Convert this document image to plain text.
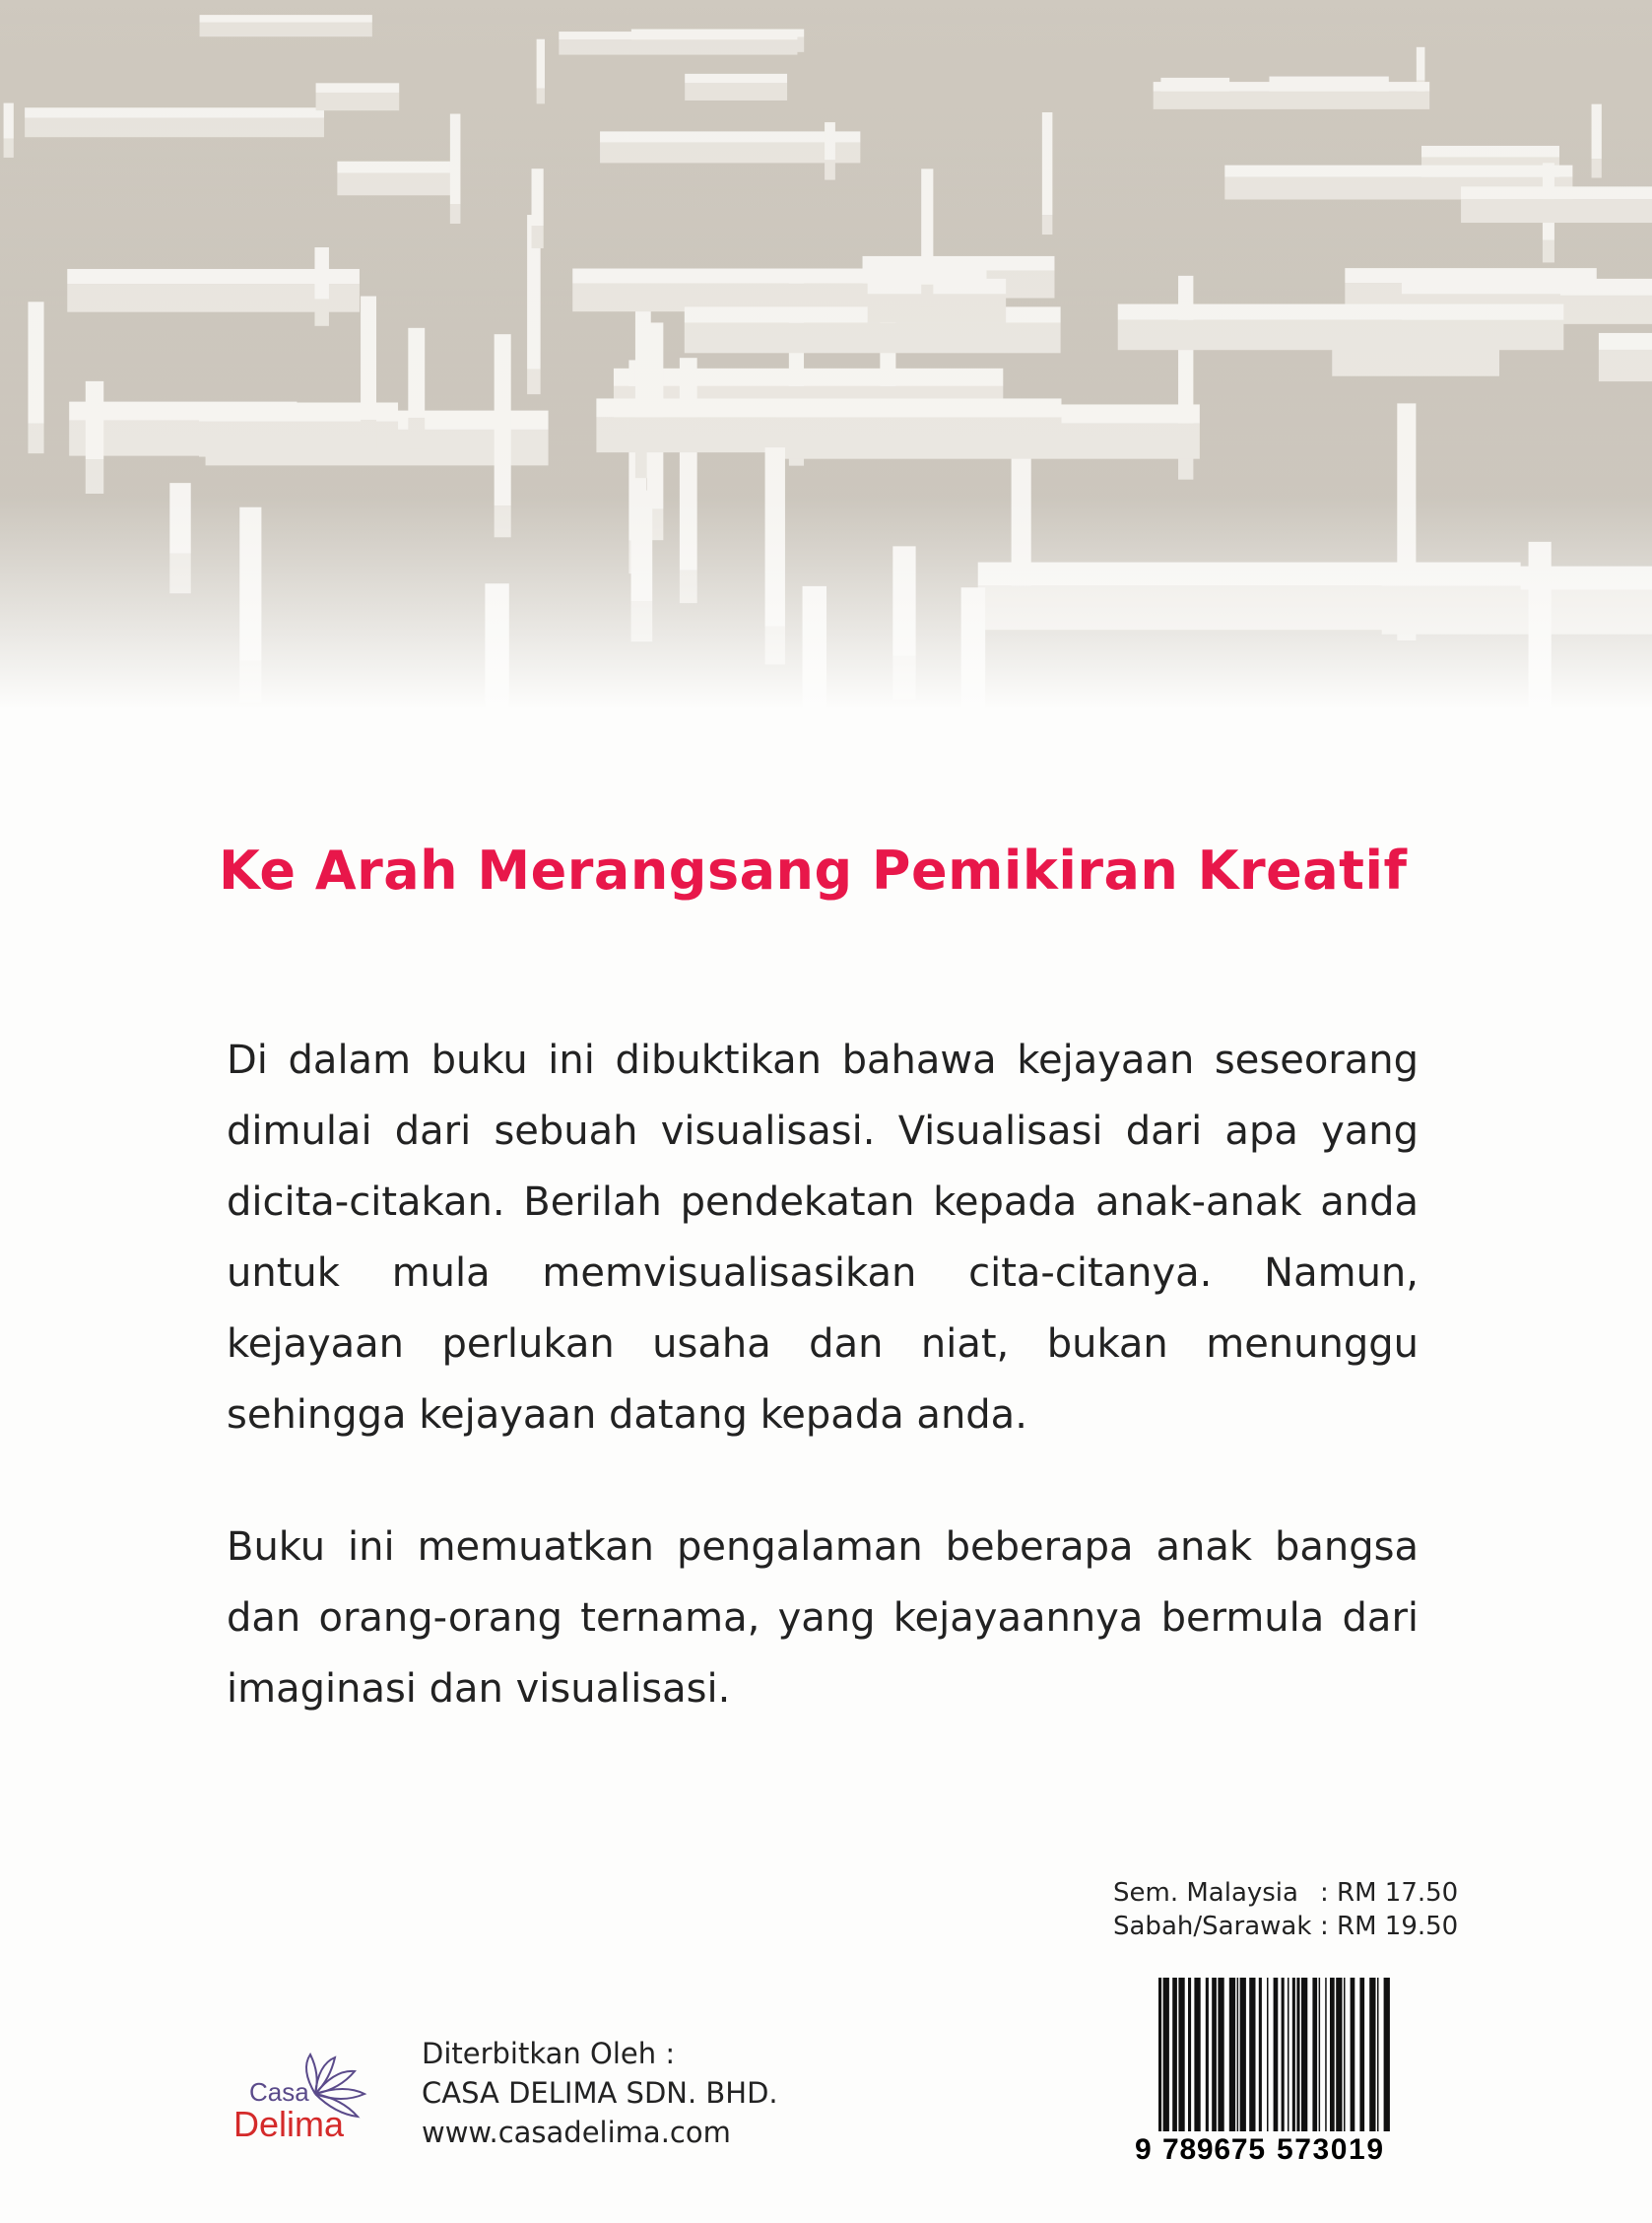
Ke Arah Merangsang Pemikiran Kreatif

Di dalam buku ini dibuktikan bahawa kejayaan seseorang dimulai dari sebuah visualisasi. Visualisasi dari apa yang dicita-citakan. Berilah pendekatan kepada anak-anak anda untuk mula memvisualisasikan cita-citanya. Namun, kejayaan perlukan usaha dan niat, bukan menunggu sehingga kejayaan datang kepada anda.

Buku ini memuatkan pengalaman beberapa anak bangsa dan orang-orang ternama, yang kejayaannya bermula dari imaginasi dan visualisasi.

Sem. Malaysia : RM 17.50
Sabah/Sarawak : RM 19.50
9 789675 573019
Casa
Delima
Diterbitkan Oleh :
CASA DELIMA SDN. BHD.
www.casadelima.com
